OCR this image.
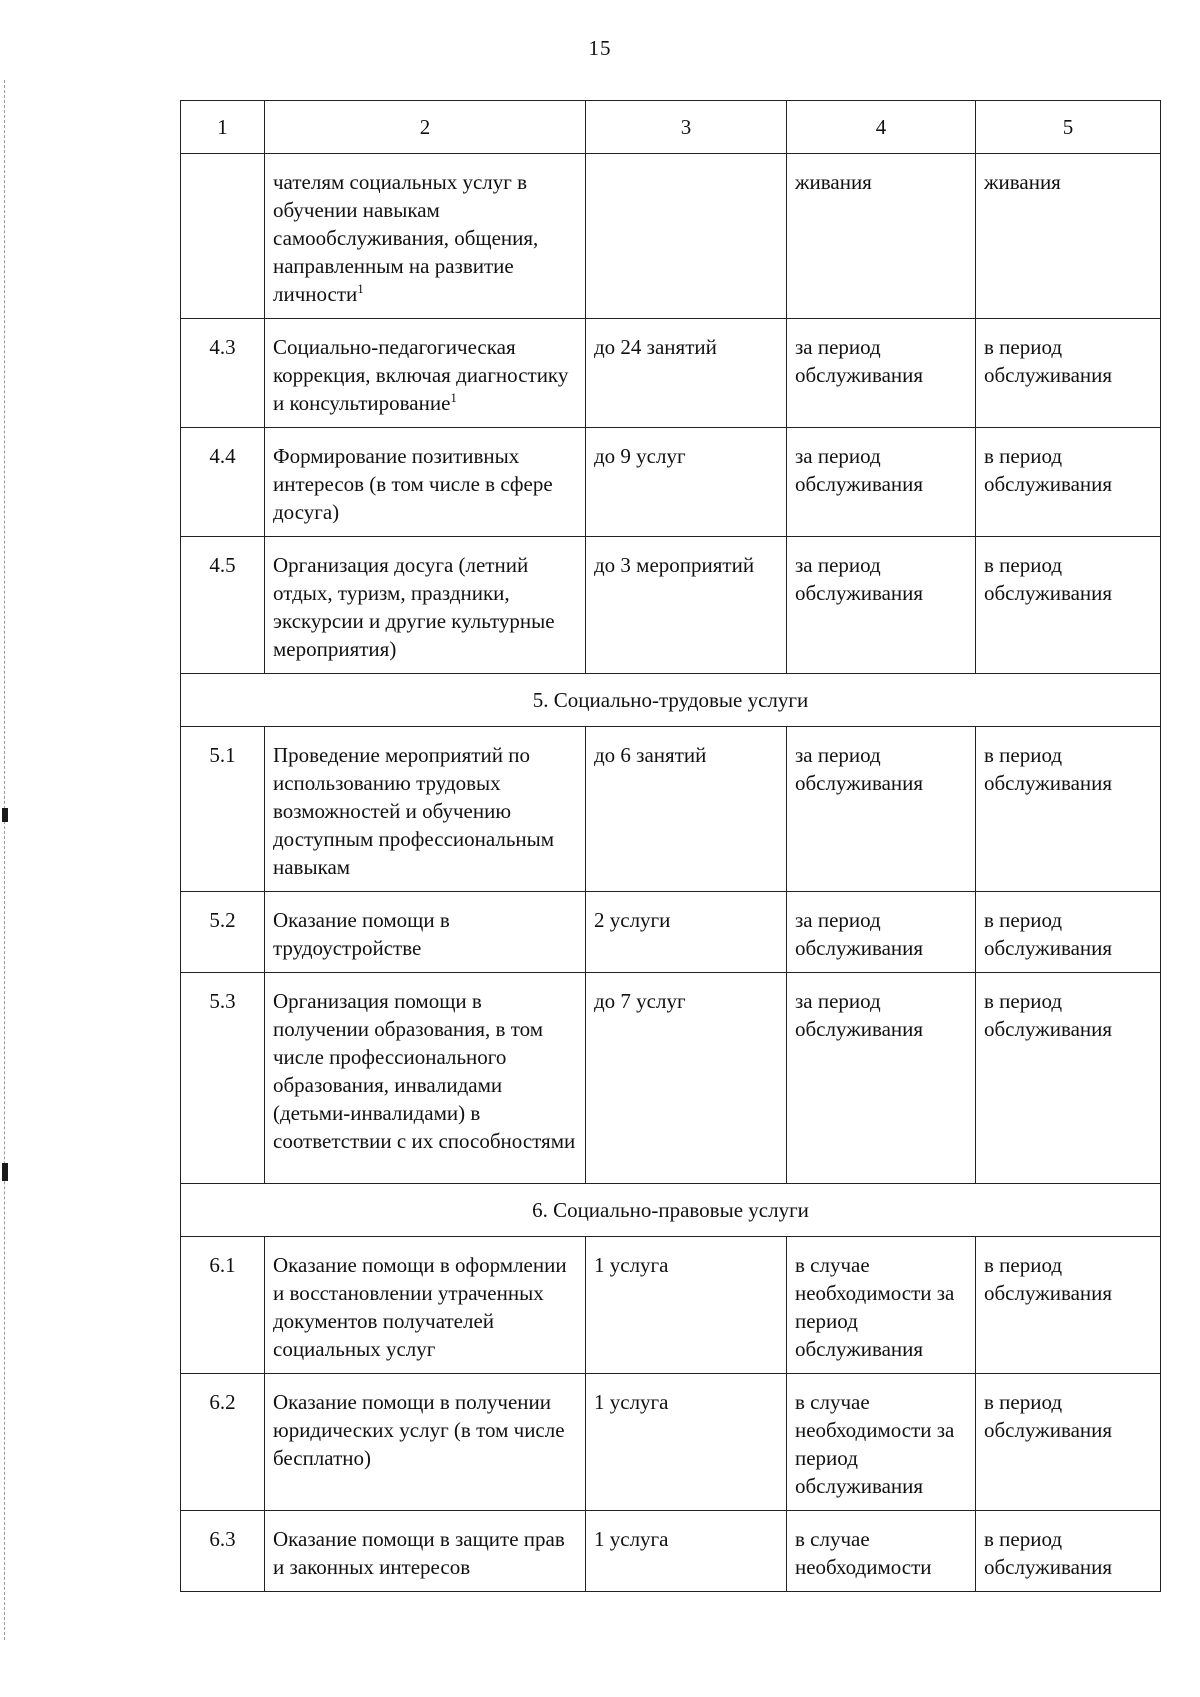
15
1	2	3	4	5
	чателям социальных услуг в обучении навыкам самообслуживания, общения, направленным на развитие личности$^1$		живания	живания
4.3	Социально-педагогическая коррекция, включая диагностику и консультирование$^1$	до 24 занятий	за период обслуживания	в период обслуживания
4.4	Формирование позитивных интересов (в том числе в сфере досуга)	до 9 услуг	за период обслуживания	в период обслуживания
4.5	Организация досуга (летний отдых, туризм, праздники, экскурсии и другие культурные мероприятия)	до 3 мероприятий	за период обслуживания	в период обслуживания
5. Социально-трудовые услуги				
5.1	Проведение мероприятий по использованию трудовых возможностей и обучению доступным профессиональным навыкам	до 6 занятий	за период обслуживания	в период обслуживания
5.2	Оказание помощи в трудоустройстве	2 услуги	за период обслуживания	в период обслуживания
5.3	Организация помощи в получении образования, в том числе профессионального образования, инвалидами (детьми-инвалидами) в соответствии с их способностями	до 7 услуг	за период обслуживания	в период обслуживания
6. Социально-правовые услуги				
6.1	Оказание помощи в оформлении и восстановлении утраченных документов получателей социальных услуг	1 услуга	в случае необходимости за период обслуживания	в период обслуживания
6.2	Оказание помощи в получении юридических услуг (в том числе бесплатно)	1 услуга	в случае необходимости за период обслуживания	в период обслуживания
6.3	Оказание помощи в защите прав и законных интересов	1 услуга	в случае необходимости	в период обслуживания
